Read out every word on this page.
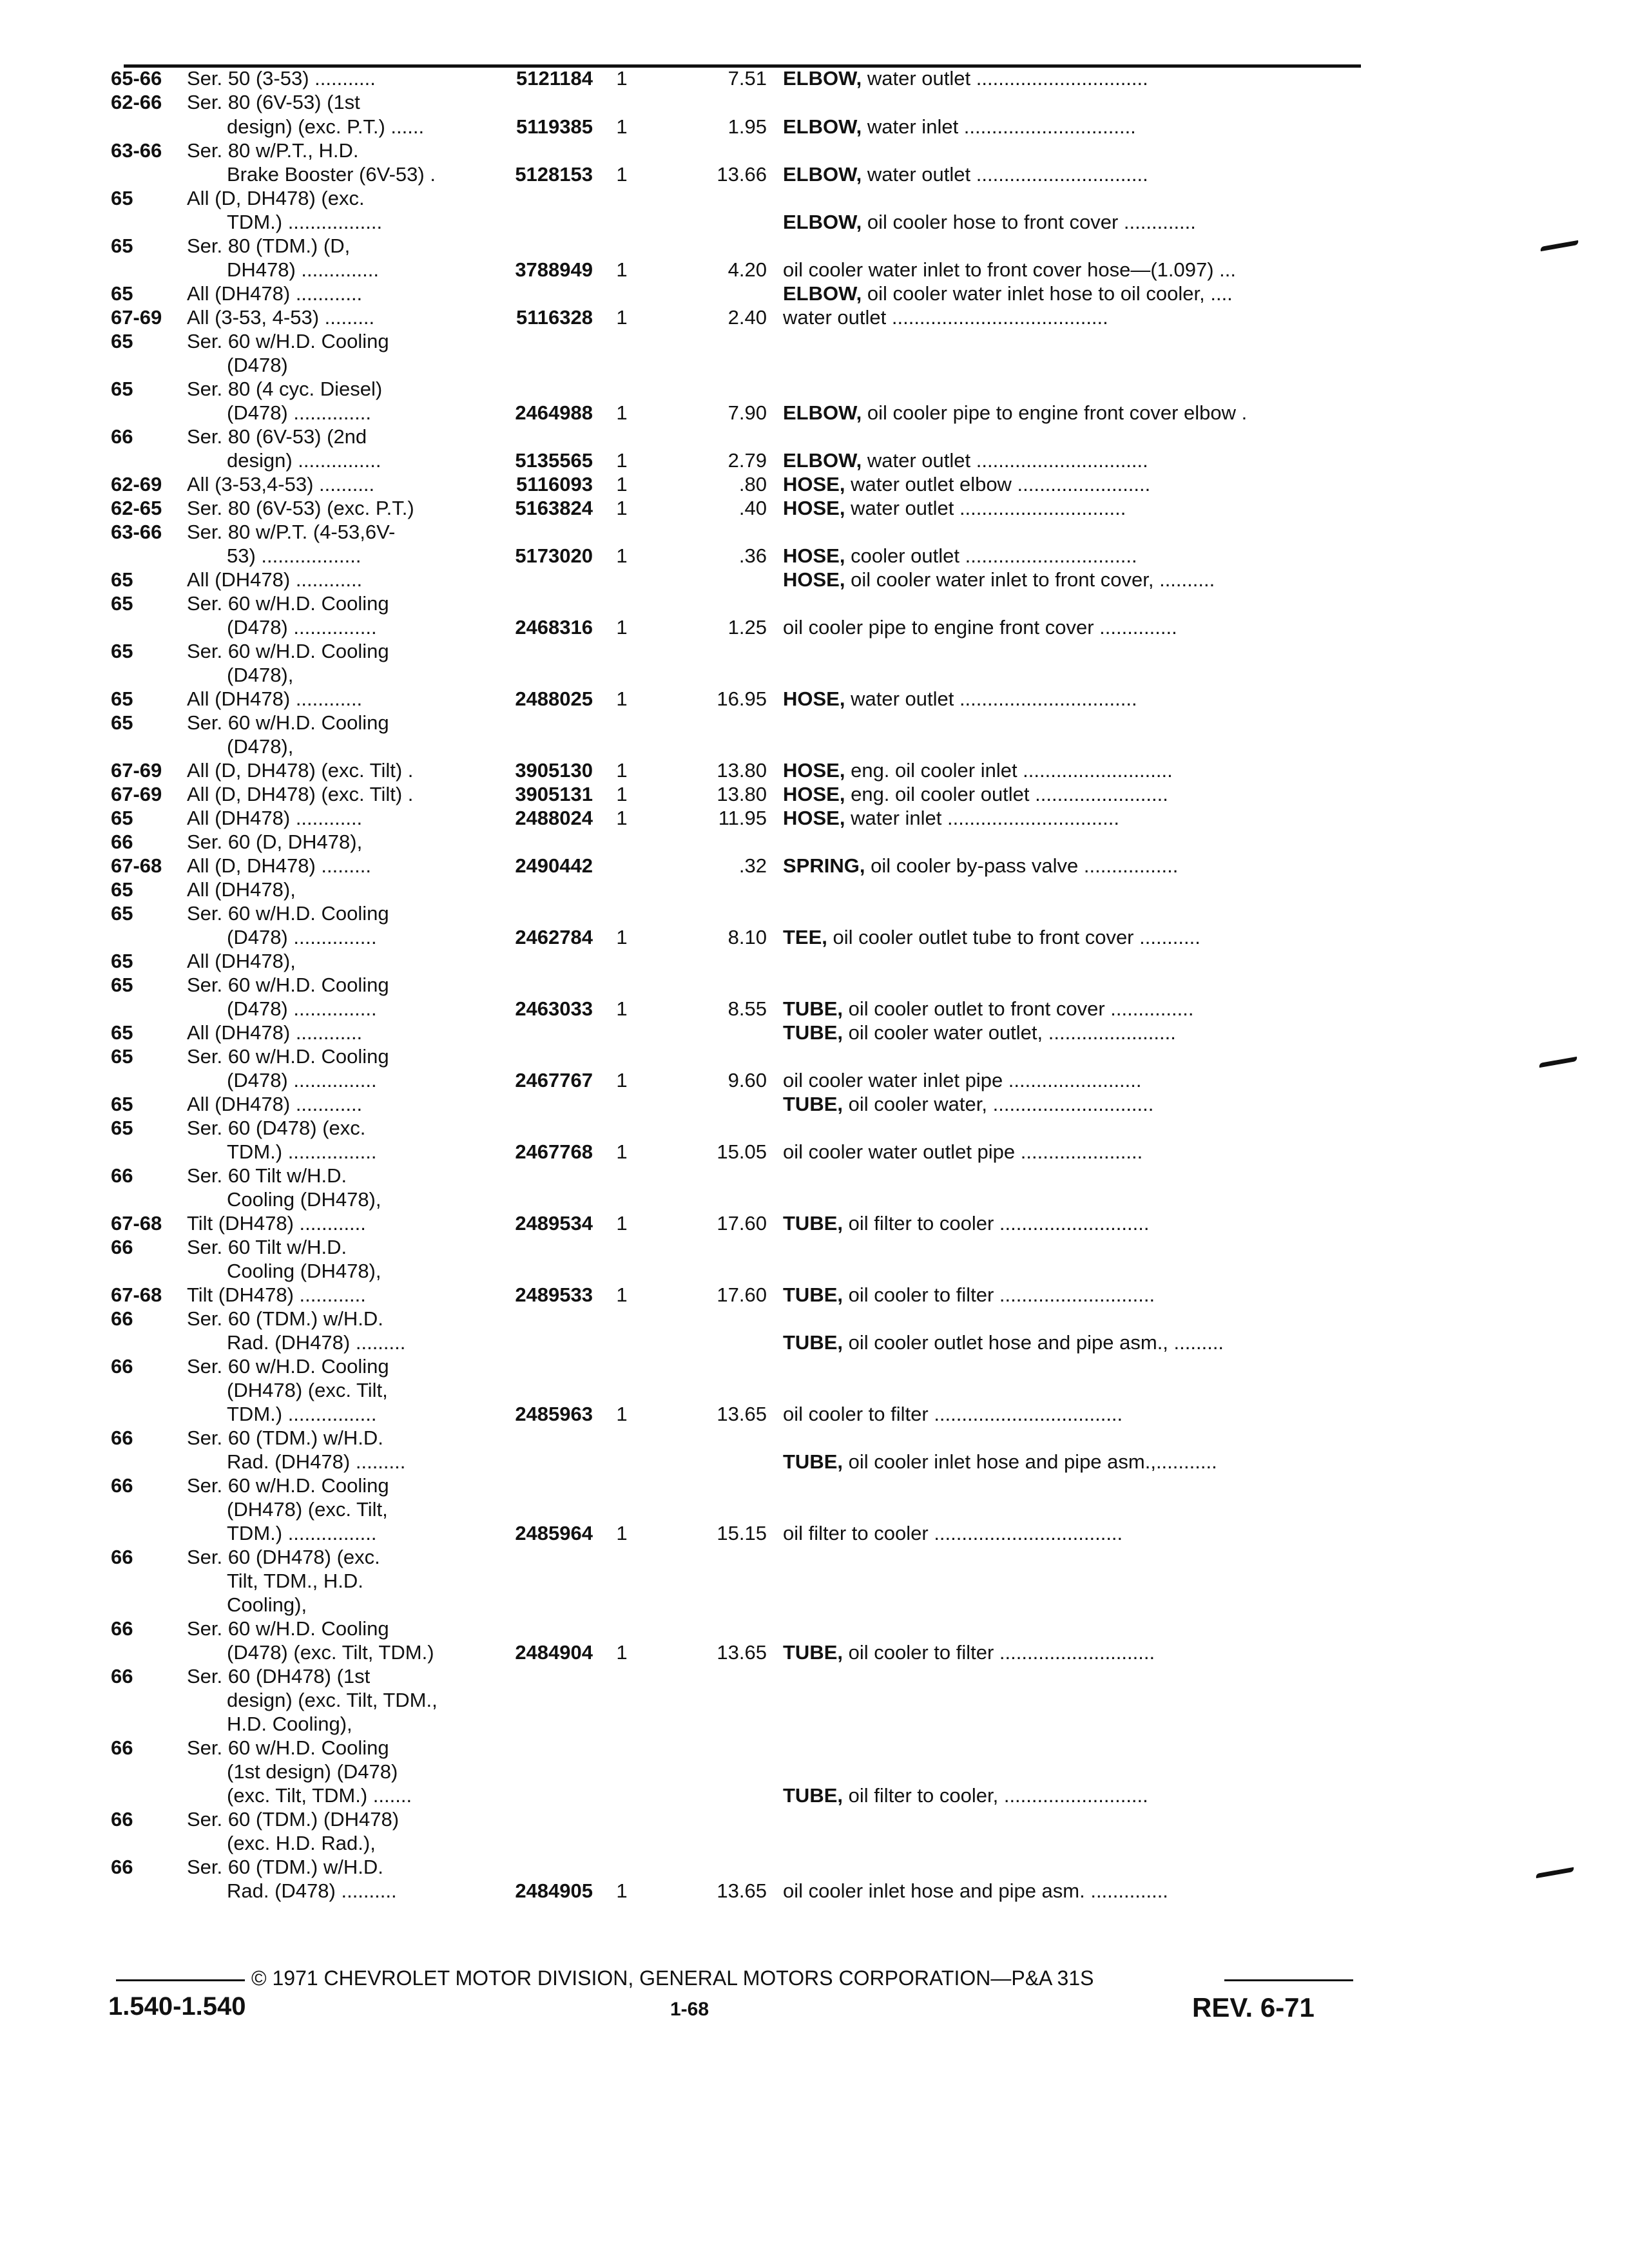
65-66	Ser. 50 (3-53) ...........	5121184	1	7.51 ELBOW, water outlet ...............................
62-66	Ser. 80 (6V-53) (1st
  design) (exc. P.T.) ......	5119385	1	1.95 ELBOW, water inlet ...............................
63-66	Ser. 80 w/P.T., H.D.
  Brake Booster (6V-53) .	5128153	1	13.66 ELBOW, water outlet ...............................
65	All (D, DH478) (exc.
  TDM.) .................	ELBOW, oil cooler hose to front cover .............
65	Ser. 80 (TDM.) (D,
  DH478) ..............	3788949	1	4.20 oil cooler water inlet to front cover hose—(1.097) ...
65	All (DH478) ............	ELBOW, oil cooler water inlet hose to oil cooler, ....
67-69	All (3-53, 4-53) .........	5116328	1	2.40 water outlet .......................................
65	Ser. 60 w/H.D. Cooling
  (D478)
65	Ser. 80 (4 cyc. Diesel)
  (D478) ..............	2464988	1	7.90 ELBOW, oil cooler pipe to engine front cover elbow .
66	Ser. 80 (6V-53) (2nd
  design) ...............	5135565	1	2.79 ELBOW, water outlet ...............................
62-69	All (3-53,4-53) ..........	5116093	1	.80 HOSE, water outlet elbow ........................
62-65	Ser. 80 (6V-53) (exc. P.T.)	5163824	1	.40 HOSE, water outlet ..............................
63-66	Ser. 80 w/P.T. (4-53,6V-
  53) ..................	5173020	1	.36 HOSE, cooler outlet ...............................
65	All (DH478) ............	HOSE, oil cooler water inlet to front cover, ..........
65	Ser. 60 w/H.D. Cooling
  (D478) ...............	2468316	1	1.25 oil cooler pipe to engine front cover ..............
65	Ser. 60 w/H.D. Cooling
  (D478),
65	All (DH478) ............	2488025	1	16.95 HOSE, water outlet ................................
65	Ser. 60 w/H.D. Cooling
  (D478),
67-69	All (D, DH478) (exc. Tilt) .	3905130	1	13.80 HOSE, eng. oil cooler inlet ...........................
67-69	All (D, DH478) (exc. Tilt) .	3905131	1	13.80 HOSE, eng. oil cooler outlet ........................
65	All (DH478) ............	2488024	1	11.95 HOSE, water inlet ...............................
66	Ser. 60 (D, DH478),
67-68	All (D, DH478) .........	2490442	.32 SPRING, oil cooler by-pass valve .................
65	All (DH478),
65	Ser. 60 w/H.D. Cooling
  (D478) ...............	2462784	1	8.10 TEE, oil cooler outlet tube to front cover ...........
65	All (DH478),
65	Ser. 60 w/H.D. Cooling
  (D478) ...............	2463033	1	8.55 TUBE, oil cooler outlet to front cover ...............
65	All (DH478) ............	TUBE, oil cooler water outlet, .......................
65	Ser. 60 w/H.D. Cooling
  (D478) ...............	2467767	1	9.60 oil cooler water inlet pipe ........................
65	All (DH478) ............	TUBE, oil cooler water, .............................
65	Ser. 60 (D478) (exc.
  TDM.) ................	2467768	1	15.05 oil cooler water outlet pipe ......................
66	Ser. 60 Tilt w/H.D.
  Cooling (DH478),
67-68	Tilt (DH478) ............	2489534	1	17.60 TUBE, oil filter to cooler ...........................
66	Ser. 60 Tilt w/H.D.
  Cooling (DH478),
67-68	Tilt (DH478) ............	2489533	1	17.60 TUBE, oil cooler to filter ............................
66	Ser. 60 (TDM.) w/H.D.
  Rad. (DH478) .........	TUBE, oil cooler outlet hose and pipe asm., .........
66	Ser. 60 w/H.D. Cooling
  (DH478) (exc. Tilt,
  TDM.) ................	2485963	1	13.65 oil cooler to filter ..................................
66	Ser. 60 (TDM.) w/H.D.
  Rad. (DH478) .........	TUBE, oil cooler inlet hose and pipe asm.,...........
66	Ser. 60 w/H.D. Cooling
  (DH478) (exc. Tilt,
  TDM.) ................	2485964	1	15.15 oil filter to cooler ..................................
66	Ser. 60 (DH478) (exc.
  Tilt, TDM., H.D.
  Cooling),
66	Ser. 60 w/H.D. Cooling
  (D478) (exc. Tilt, TDM.)	2484904	1	13.65 TUBE, oil cooler to filter ............................
66	Ser. 60 (DH478) (1st
  design) (exc. Tilt, TDM.,
  H.D. Cooling),
66	Ser. 60 w/H.D. Cooling
  (1st design) (D478)
  (exc. Tilt, TDM.) .......	TUBE, oil filter to cooler, ..........................
66	Ser. 60 (TDM.) (DH478)
  (exc. H.D. Rad.),
66	Ser. 60 (TDM.) w/H.D.
  Rad. (D478) ..........	2484905	1	13.65 oil cooler inlet hose and pipe asm. ..............
© 1971 CHEVROLET MOTOR DIVISION, GENERAL MOTORS CORPORATION—P&A 31S
1.540-1.540	1-68	REV. 6-71
